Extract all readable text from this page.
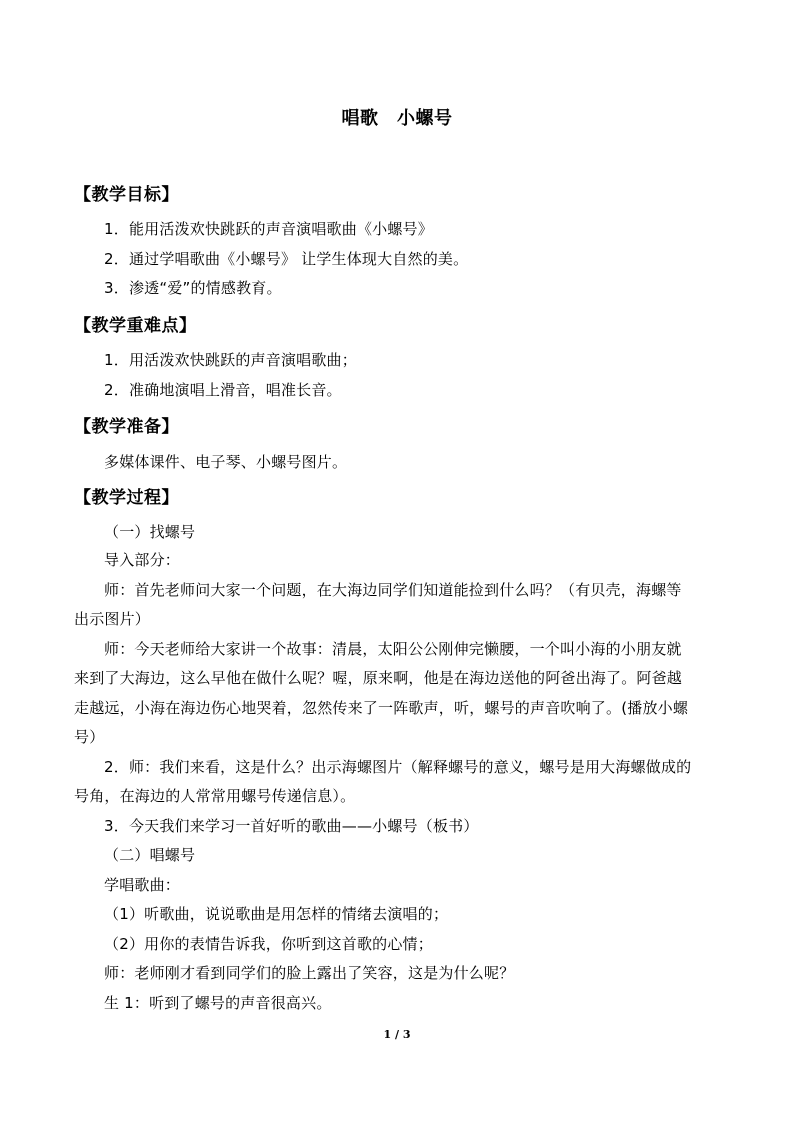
唱歌　小螺号
【教学目标】
1．能用活泼欢快跳跃的声音演唱歌曲《小螺号》
2．通过学唱歌曲《小螺号》 让学生体现大自然的美。
3．渗透“爱”的情感教育。
【教学重难点】
1．用活泼欢快跳跃的声音演唱歌曲；
2．准确地演唱上滑音，唱准长音。
【教学准备】
多媒体课件、电子琴、小螺号图片。
【教学过程】
（一）找螺号
导入部分：
师：首先老师问大家一个问题，在大海边同学们知道能捡到什么吗？（有贝壳，海螺等
出示图片）
师：今天老师给大家讲一个故事：清晨，太阳公公刚伸完懒腰，一个叫小海的小朋友就
来到了大海边，这么早他在做什么呢？喔，原来啊，他是在海边送他的阿爸出海了。阿爸越
走越远，小海在海边伤心地哭着，忽然传来了一阵歌声，听，螺号的声音吹响了。(播放小螺
号）
2．师：我们来看，这是什么？出示海螺图片（解释螺号的意义，螺号是用大海螺做成的
号角，在海边的人常常用螺号传递信息）。
3．今天我们来学习一首好听的歌曲——小螺号（板书）
（二）唱螺号
学唱歌曲：
（1）听歌曲，说说歌曲是用怎样的情绪去演唱的；
（2）用你的表情告诉我，你听到这首歌的心情；
师：老师刚才看到同学们的脸上露出了笑容，这是为什么呢？
生 1：听到了螺号的声音很高兴。
1 / 3
